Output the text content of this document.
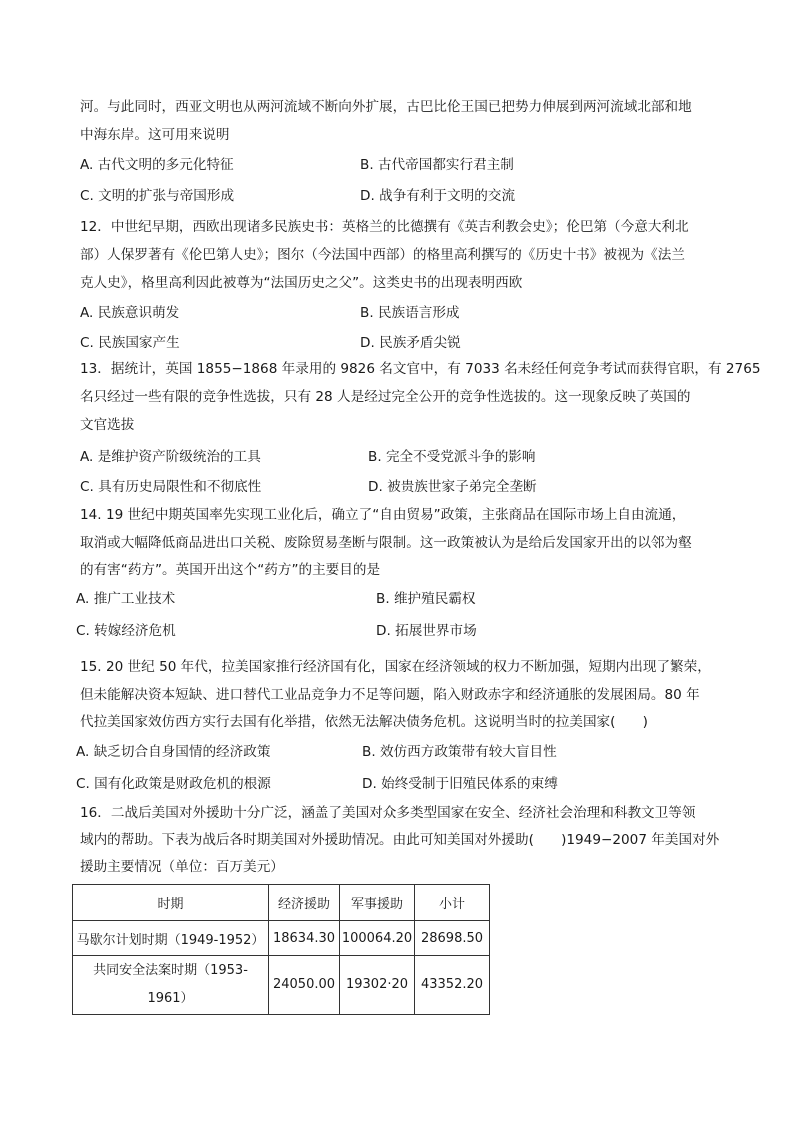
河。与此同时，西亚文明也从两河流域不断向外扩展，古巴比伦王国已把势力伸展到两河流域北部和地
中海东岸。这可用来说明
A. 古代文明的多元化特征	B. 古代帝国都实行君主制
C. 文明的扩张与帝国形成	D. 战争有利于文明的交流
12．中世纪早期，西欧出现诸多民族史书：英格兰的比德撰有《英吉利教会史》；伦巴第（今意大利北
部）人保罗著有《伦巴第人史》；图尔（今法国中西部）的格里高利撰写的《历史十书》被视为《法兰
克人史》，格里高利因此被尊为“法国历史之父”。这类史书的出现表明西欧
A. 民族意识萌发	B. 民族语言形成
C. 民族国家产生	D. 民族矛盾尖锐
13．据统计，英国 1855−1868 年录用的 9826 名文官中，有 7033 名未经任何竞争考试而获得官职，有 2765
名只经过一些有限的竞争性选拔，只有 28 人是经过完全公开的竞争性选拔的。这一现象反映了英国的
文官选拔
A. 是维护资产阶级统治的工具	B. 完全不受党派斗争的影响
C. 具有历史局限性和不彻底性	D. 被贵族世家子弟完全垄断
14. 19 世纪中期英国率先实现工业化后，确立了“自由贸易”政策，主张商品在国际市场上自由流通，
取消或大幅降低商品进出口关税、废除贸易垄断与限制。这一政策被认为是给后发国家开出的以邻为壑
的有害“药方”。英国开出这个“药方”的主要目的是
A. 推广工业技术	B. 维护殖民霸权
C. 转嫁经济危机	D. 拓展世界市场
15. 20 世纪 50 年代，拉美国家推行经济国有化，国家在经济领域的权力不断加强，短期内出现了繁荣，
但未能解决资本短缺、进口替代工业品竞争力不足等问题，陷入财政赤字和经济通胀的发展困局。80 年
代拉美国家效仿西方实行去国有化举措，依然无法解决债务危机。这说明当时的拉美国家(　　)
A. 缺乏切合自身国情的经济政策	B. 效仿西方政策带有较大盲目性
C. 国有化政策是财政危机的根源	D. 始终受制于旧殖民体系的束缚
16．二战后美国对外援助十分广泛，涵盖了美国对众多类型国家在安全、经济社会治理和科教文卫等领
域内的帮助。下表为战后各时期美国对外援助情况。由此可知美国对外援助(　　)1949−2007 年美国对外
援助主要情况（单位：百万美元）
时期	经济援助	军事援助	小计
马歇尔计划时期（1949-1952）	18634.30	100064.20	28698.50
共同安全法案时期（1953-1961）	24050.00	19302·20	43352.20
